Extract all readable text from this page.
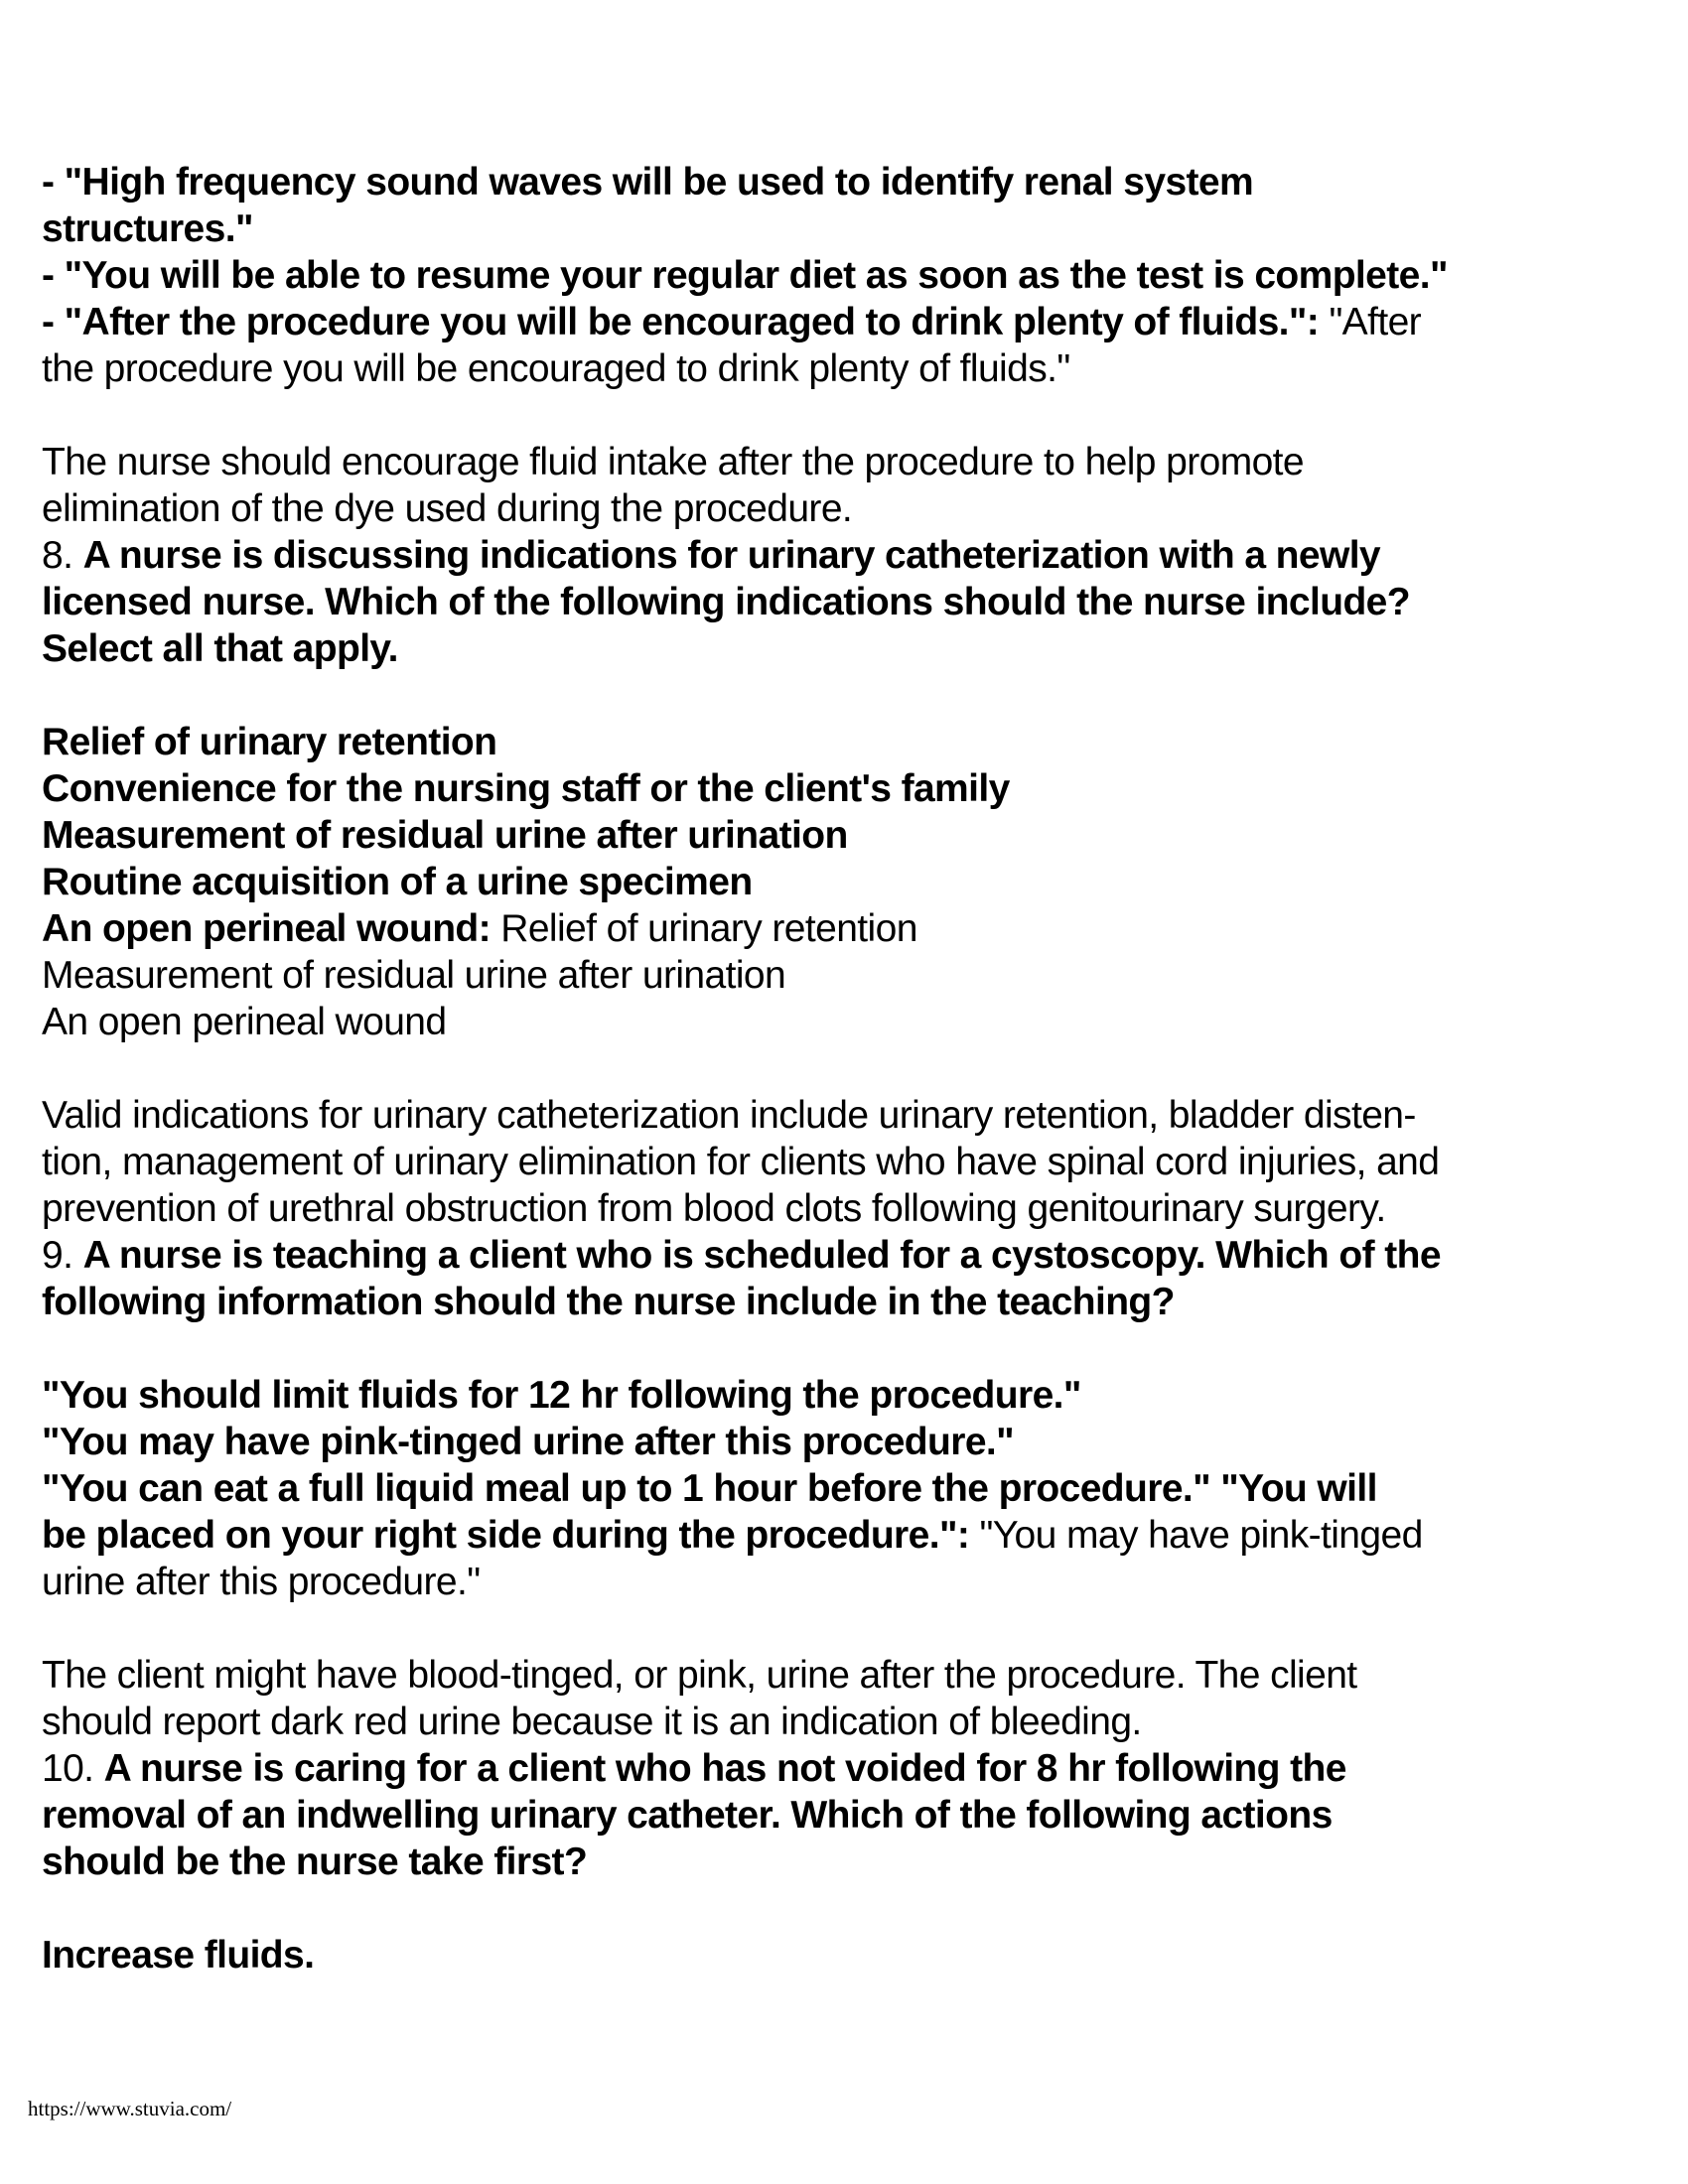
- "High frequency sound waves will be used to identify renal system
structures."
- "You will be able to resume your regular diet as soon as the test is complete."
- "After the procedure you will be encouraged to drink plenty of fluids.": "After
the procedure you will be encouraged to drink plenty of fluids."
The nurse should encourage fluid intake after the procedure to help promote
elimination of the dye used during the procedure.
8. A nurse is discussing indications for urinary catheterization with a newly
licensed nurse. Which of the following indications should the nurse include?
Select all that apply.
Relief of urinary retention
Convenience for the nursing staff or the client's family
Measurement of residual urine after urination
Routine acquisition of a urine specimen
An open perineal wound: Relief of urinary retention
Measurement of residual urine after urination
An open perineal wound
Valid indications for urinary catheterization include urinary retention, bladder disten-
tion, management of urinary elimination for clients who have spinal cord injuries, and
prevention of urethral obstruction from blood clots following genitourinary surgery.
9. A nurse is teaching a client who is scheduled for a cystoscopy. Which of the
following information should the nurse include in the teaching?
"You should limit fluids for 12 hr following the procedure."
"You may have pink-tinged urine after this procedure."
"You can eat a full liquid meal up to 1 hour before the procedure." "You will
be placed on your right side during the procedure.": "You may have pink-tinged
urine after this procedure."
The client might have blood-tinged, or pink, urine after the procedure. The client
should report dark red urine because it is an indication of bleeding.
10. A nurse is caring for a client who has not voided for 8 hr following the
removal of an indwelling urinary catheter. Which of the following actions
should be the nurse take first?
Increase fluids.
https://www.stuvia.com/
